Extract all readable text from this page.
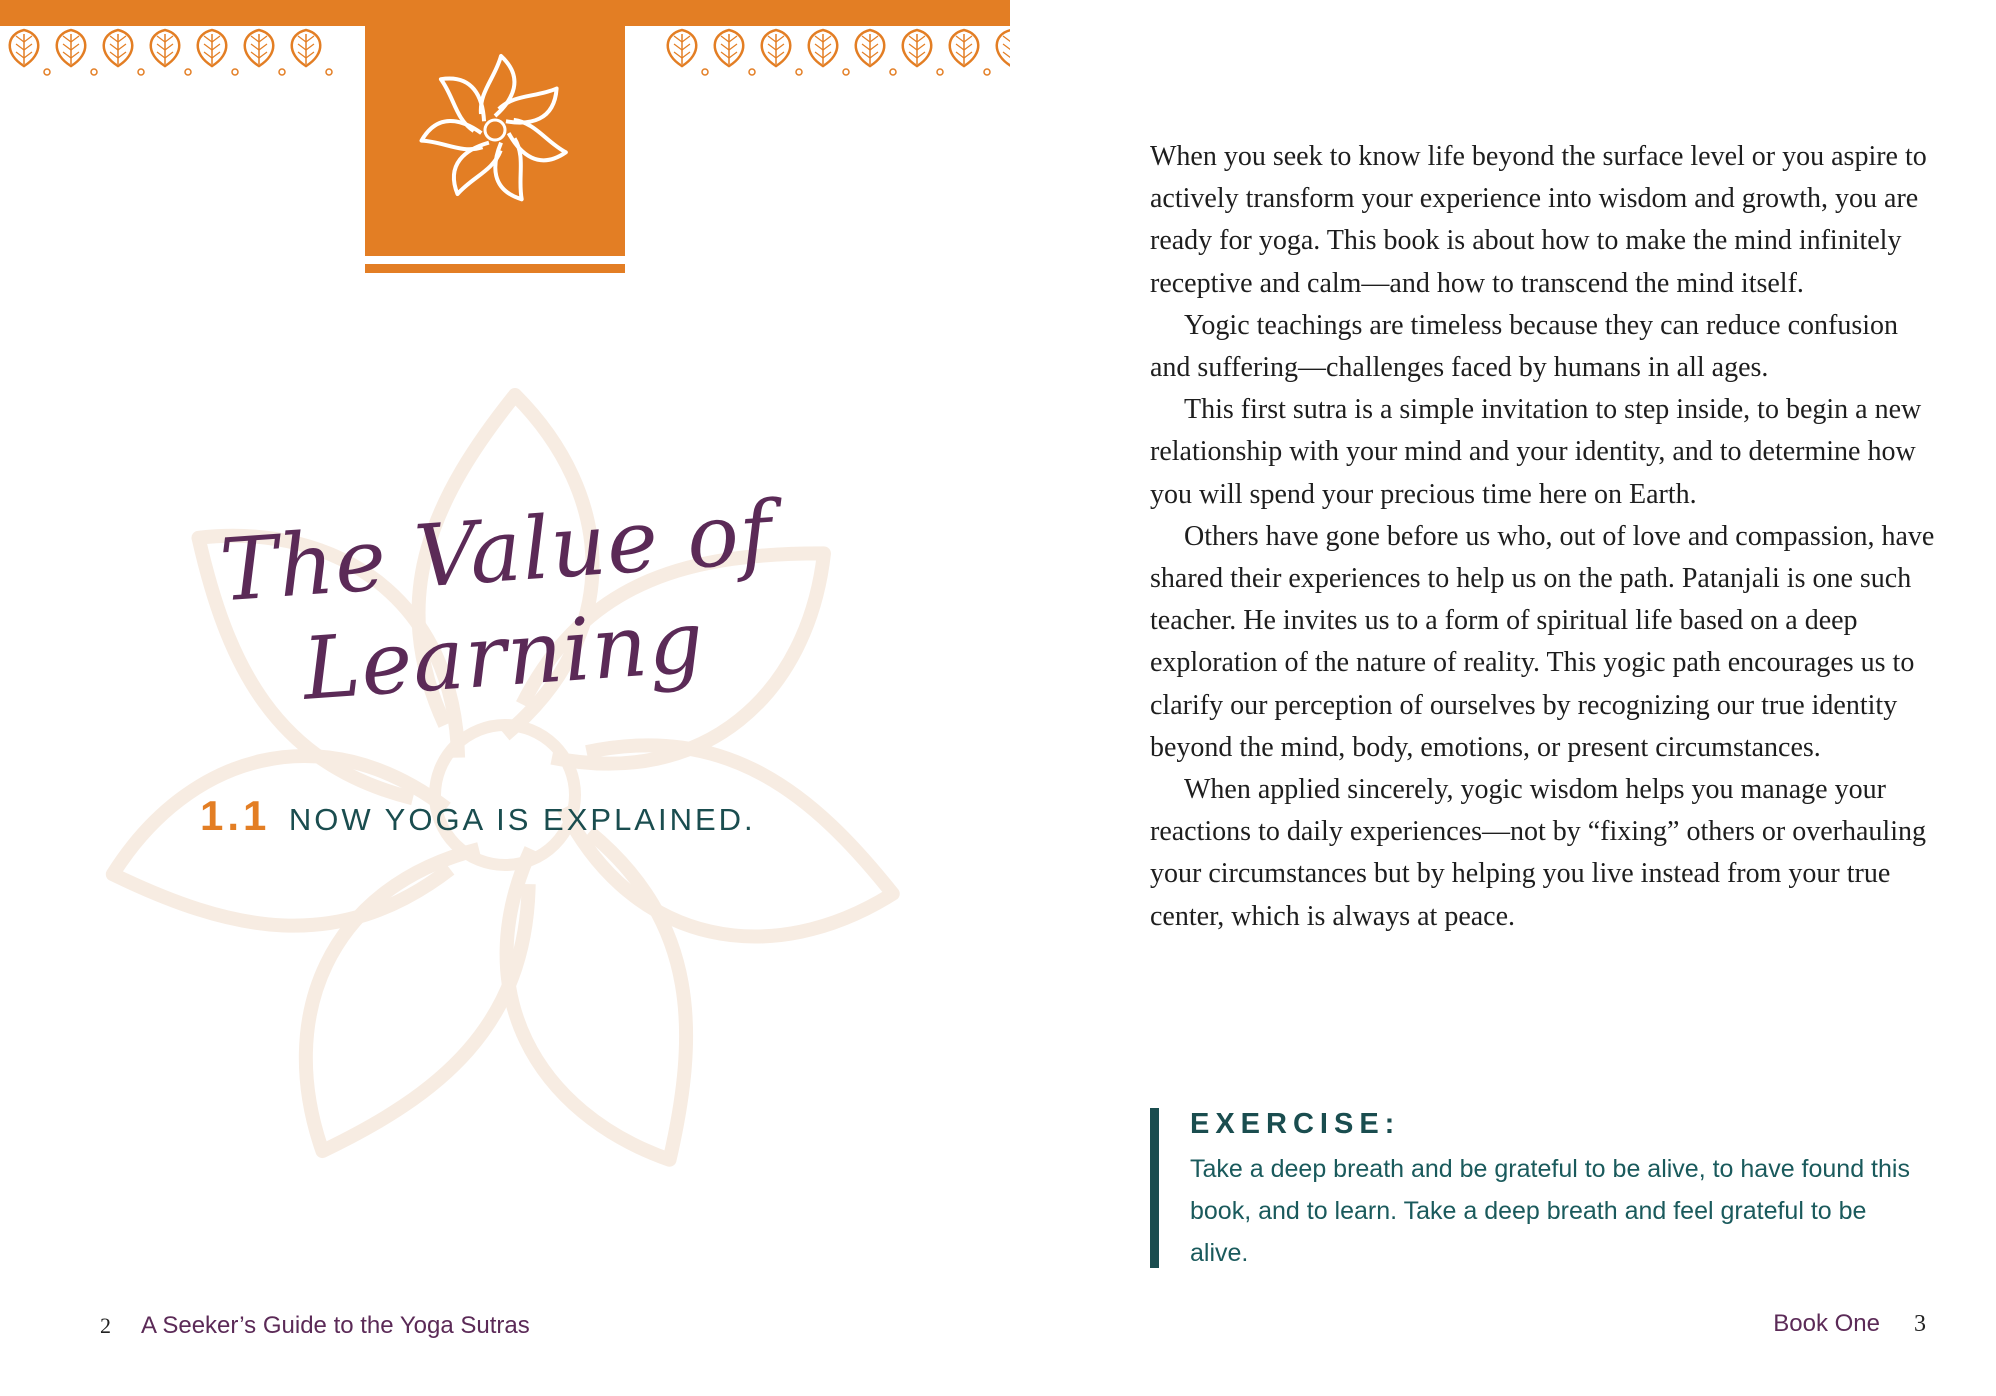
The Value of Learning
1.1 NOW YOGA IS EXPLAINED.
2 A Seeker’s Guide to the Yoga Sutras

When you seek to know life beyond the surface level or you aspire to actively transform your experience into wisdom and growth, you are ready for yoga. This book is about how to make the mind infinitely receptive and calm—and how to transcend the mind itself.

Yogic teachings are timeless because they can reduce confusion and suffering—challenges faced by humans in all ages.

This first sutra is a simple invitation to step inside, to begin a new relationship with your mind and your identity, and to determine how you will spend your precious time here on Earth.

Others have gone before us who, out of love and compassion, have shared their experiences to help us on the path. Patanjali is one such teacher. He invites us to a form of spiritual life based on a deep exploration of the nature of reality. This yogic path encourages us to clarify our perception of ourselves by recognizing our true identity beyond the mind, body, emotions, or present circumstances.

When applied sincerely, yogic wisdom helps you manage your reactions to daily experiences—not by “fixing” others or overhauling your circumstances but by helping you live instead from your true center, which is always at peace.

EXERCISE:
Take a deep breath and be grateful to be alive, to have found this book, and to learn. Take a deep breath and feel grateful to be alive.
Book One 3
